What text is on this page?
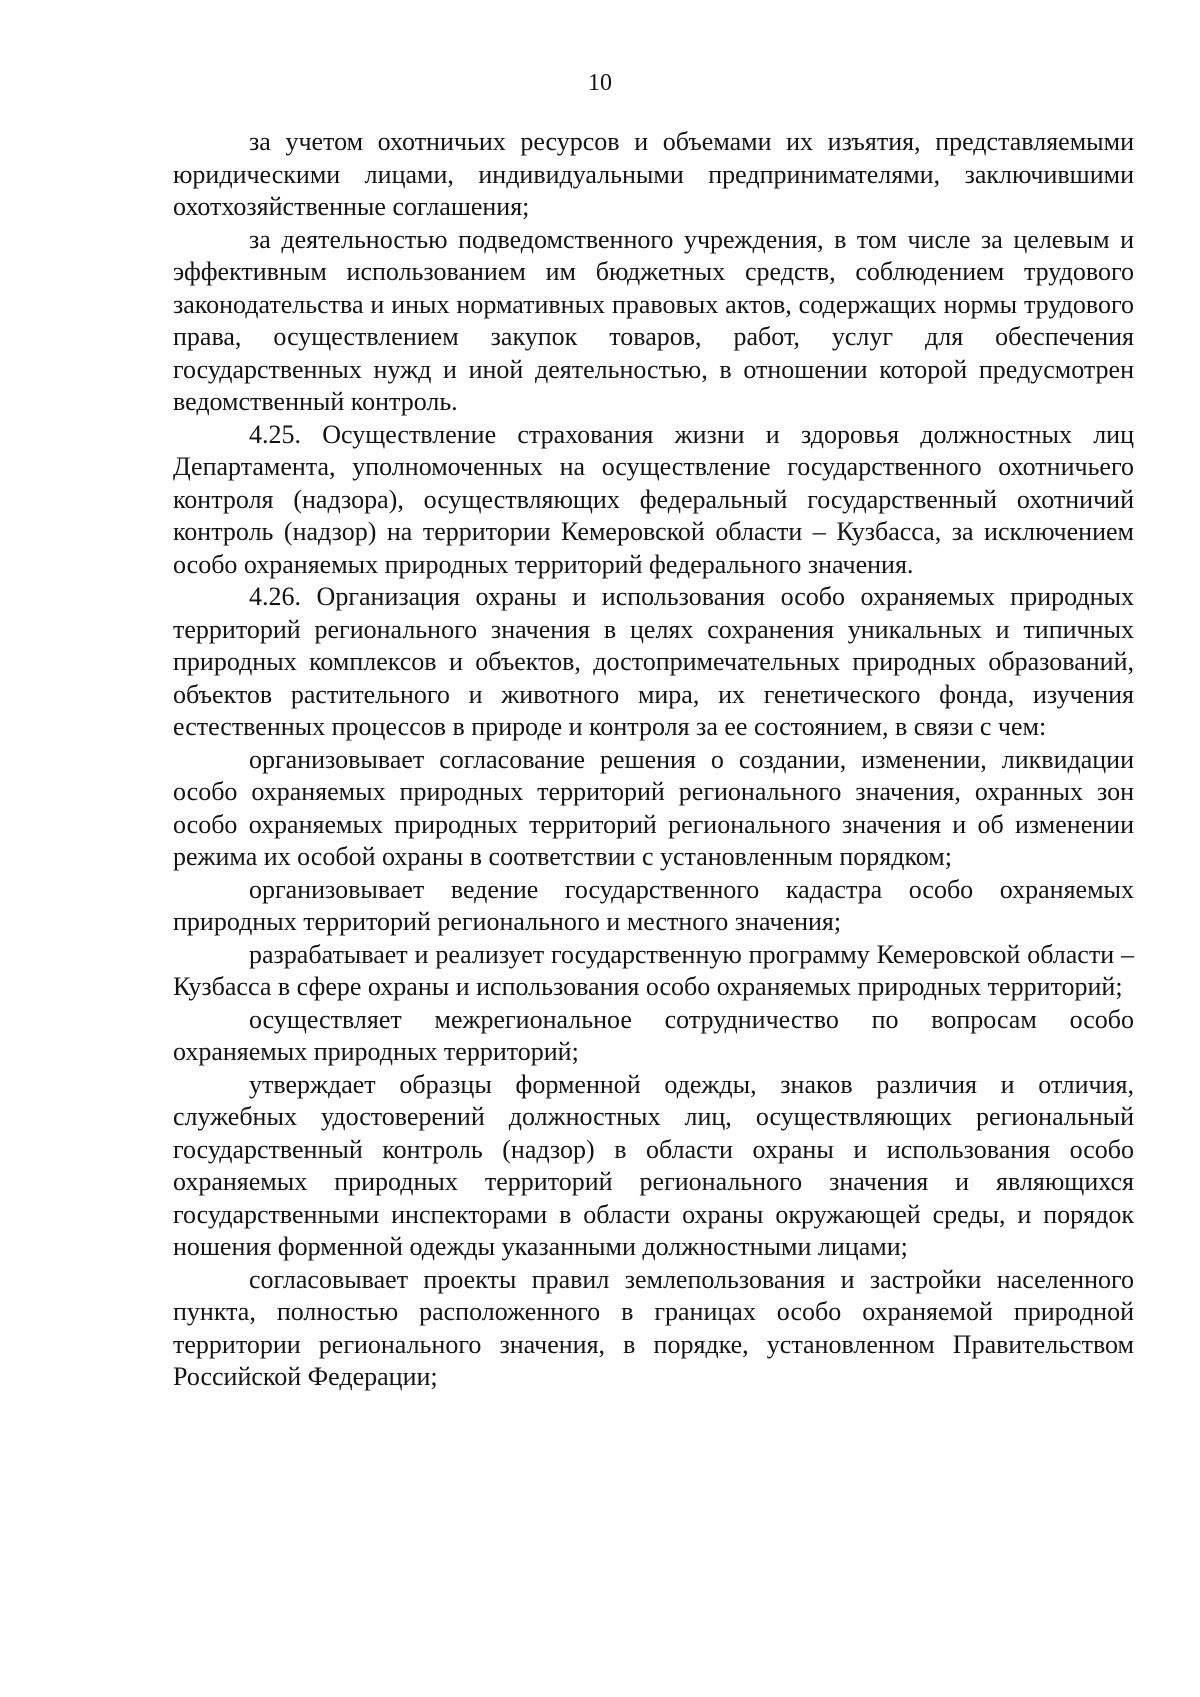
10

за учетом охотничьих ресурсов и объемами их изъятия, представляемыми юридическими лицами, индивидуальными предпринимателями, заключившими охотхозяйственные соглашения;

за деятельностью подведомственного учреждения, в том числе за целевым и эффективным использованием им бюджетных средств, соблюдением трудового законодательства и иных нормативных правовых актов, содержащих нормы трудового права, осуществлением закупок товаров, работ, услуг для обеспечения государственных нужд и иной деятельностью, в отношении которой предусмотрен ведомственный контроль.

4.25. Осуществление страхования жизни и здоровья должностных лиц Департамента, уполномоченных на осуществление государственного охотничьего контроля (надзора), осуществляющих федеральный государственный охотничий контроль (надзор) на территории Кемеровской области – Кузбасса, за исключением особо охраняемых природных территорий федерального значения.

4.26. Организация охраны и использования особо охраняемых природных территорий регионального значения в целях сохранения уникальных и типичных природных комплексов и объектов, достопримечательных природных образований, объектов растительного и животного мира, их генетического фонда, изучения естественных процессов в природе и контроля за ее состоянием, в связи с чем:

организовывает согласование решения о создании, изменении, ликвидации особо охраняемых природных территорий регионального значения, охранных зон особо охраняемых природных территорий регионального значения и об изменении режима их особой охраны в соответствии с установленным порядком;

организовывает ведение государственного кадастра особо охраняемых природных территорий регионального и местного значения;

разрабатывает и реализует государственную программу Кемеровской области – Кузбасса в сфере охраны и использования особо охраняемых природных территорий;

осуществляет межрегиональное сотрудничество по вопросам особо охраняемых природных территорий;

утверждает образцы форменной одежды, знаков различия и отличия, служебных удостоверений должностных лиц, осуществляющих региональный государственный контроль (надзор) в области охраны и использования особо охраняемых природных территорий регионального значения и являющихся государственными инспекторами в области охраны окружающей среды, и порядок ношения форменной одежды указанными должностными лицами;

согласовывает проекты правил землепользования и застройки населенного пункта, полностью расположенного в границах особо охраняемой природной территории регионального значения, в порядке, установленном Правительством Российской Федерации;
